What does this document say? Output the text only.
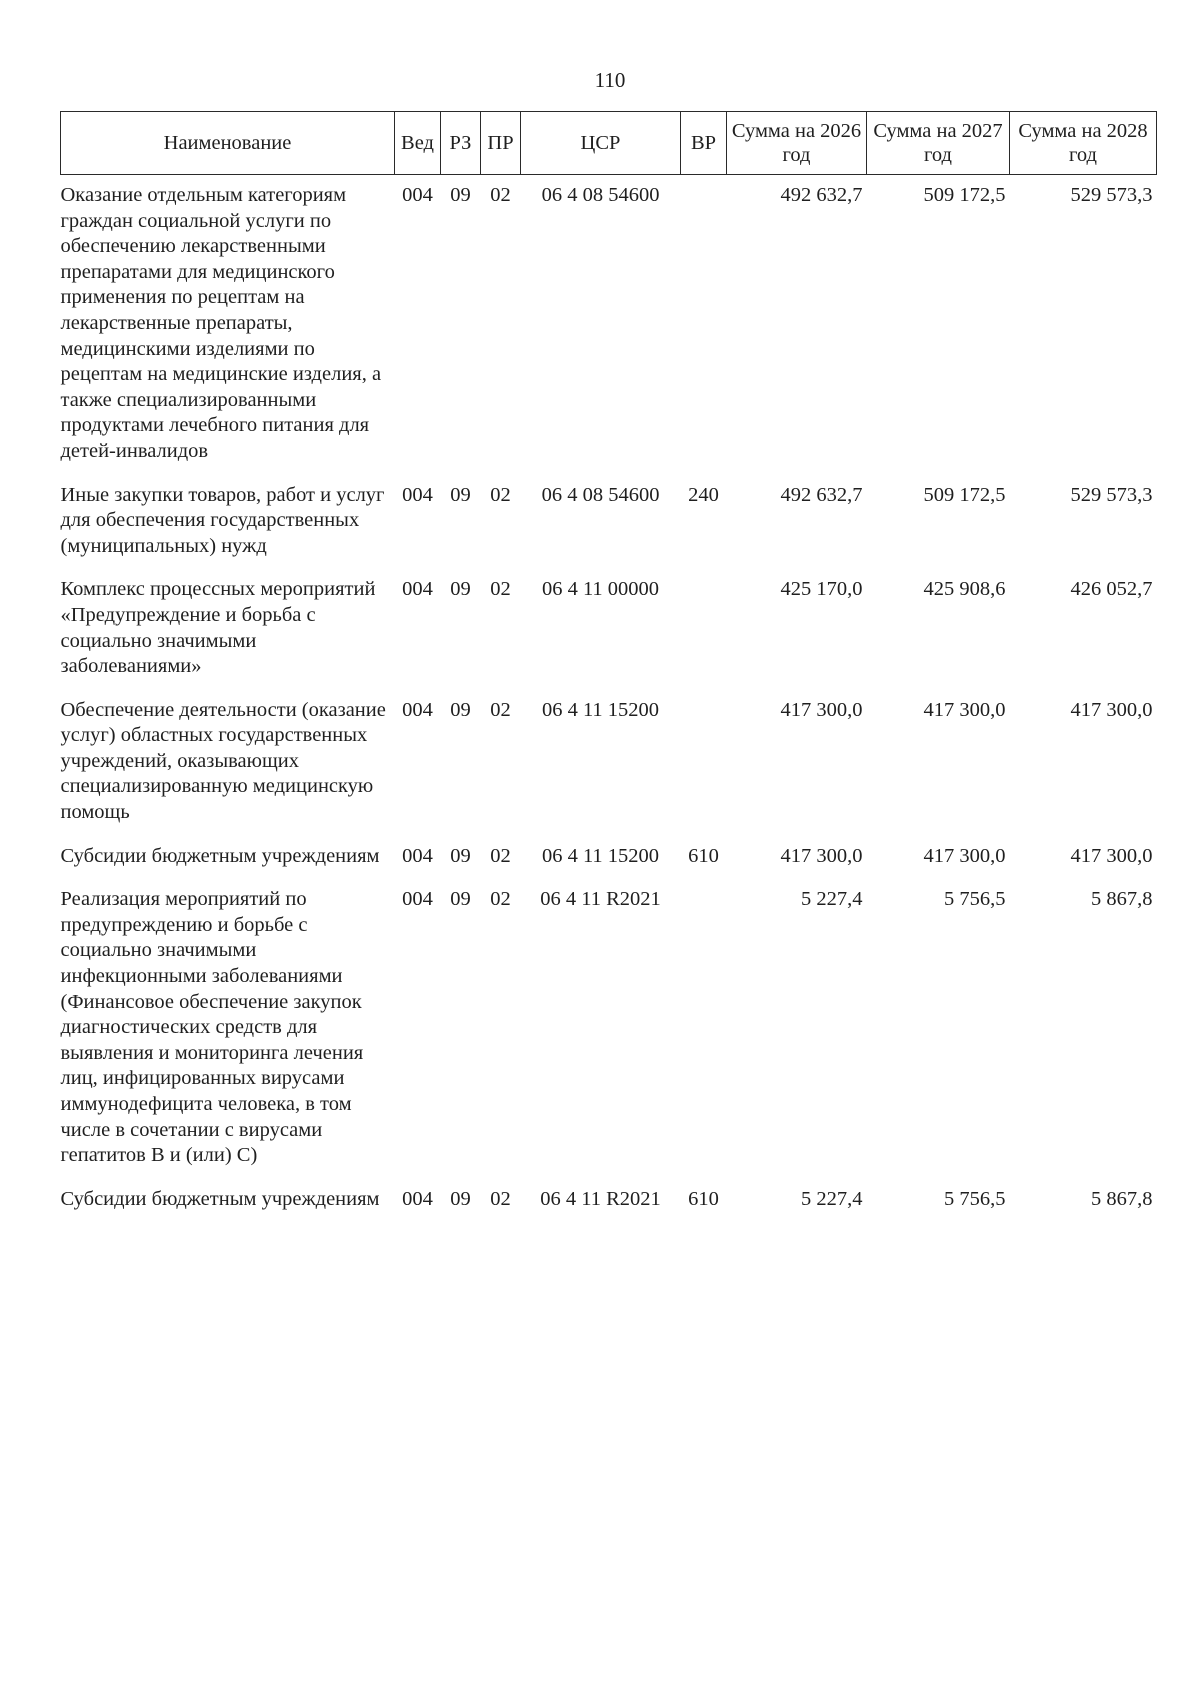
110
Наименование	Вед	РЗ	ПР	ЦСР	ВР	Сумма на 2026 год	Сумма на 2027 год	Сумма на 2028 год
Оказание отдельным категориям граждан социальной услуги по обеспечению лекарственными препаратами для медицинского применения по рецептам на лекарственные препараты, медицинскими изделиями по рецептам на медицинские изделия, а также специализированными продуктами лечебного питания для детей-инвалидов	004	09	02	06 4 08 54600		492 632,7	509 172,5	529 573,3
Иные закупки товаров, работ и услуг для обеспечения государственных (муниципальных) нужд	004	09	02	06 4 08 54600	240	492 632,7	509 172,5	529 573,3
Комплекс процессных мероприятий «Предупреждение и борьба с социально значимыми заболеваниями»	004	09	02	06 4 11 00000		425 170,0	425 908,6	426 052,7
Обеспечение деятельности (оказание услуг) областных государственных учреждений, оказывающих специализированную медицинскую помощь	004	09	02	06 4 11 15200		417 300,0	417 300,0	417 300,0
Субсидии бюджетным учреждениям	004	09	02	06 4 11 15200	610	417 300,0	417 300,0	417 300,0
Реализация мероприятий по предупреждению и борьбе с социально значимыми инфекционными заболеваниями (Финансовое обеспечение закупок диагностических средств для выявления и мониторинга лечения лиц, инфицированных вирусами иммунодефицита человека, в том числе в сочетании с вирусами гепатитов В и (или) С)	004	09	02	06 4 11 R2021		5 227,4	5 756,5	5 867,8
Субсидии бюджетным учреждениям	004	09	02	06 4 11 R2021	610	5 227,4	5 756,5	5 867,8
